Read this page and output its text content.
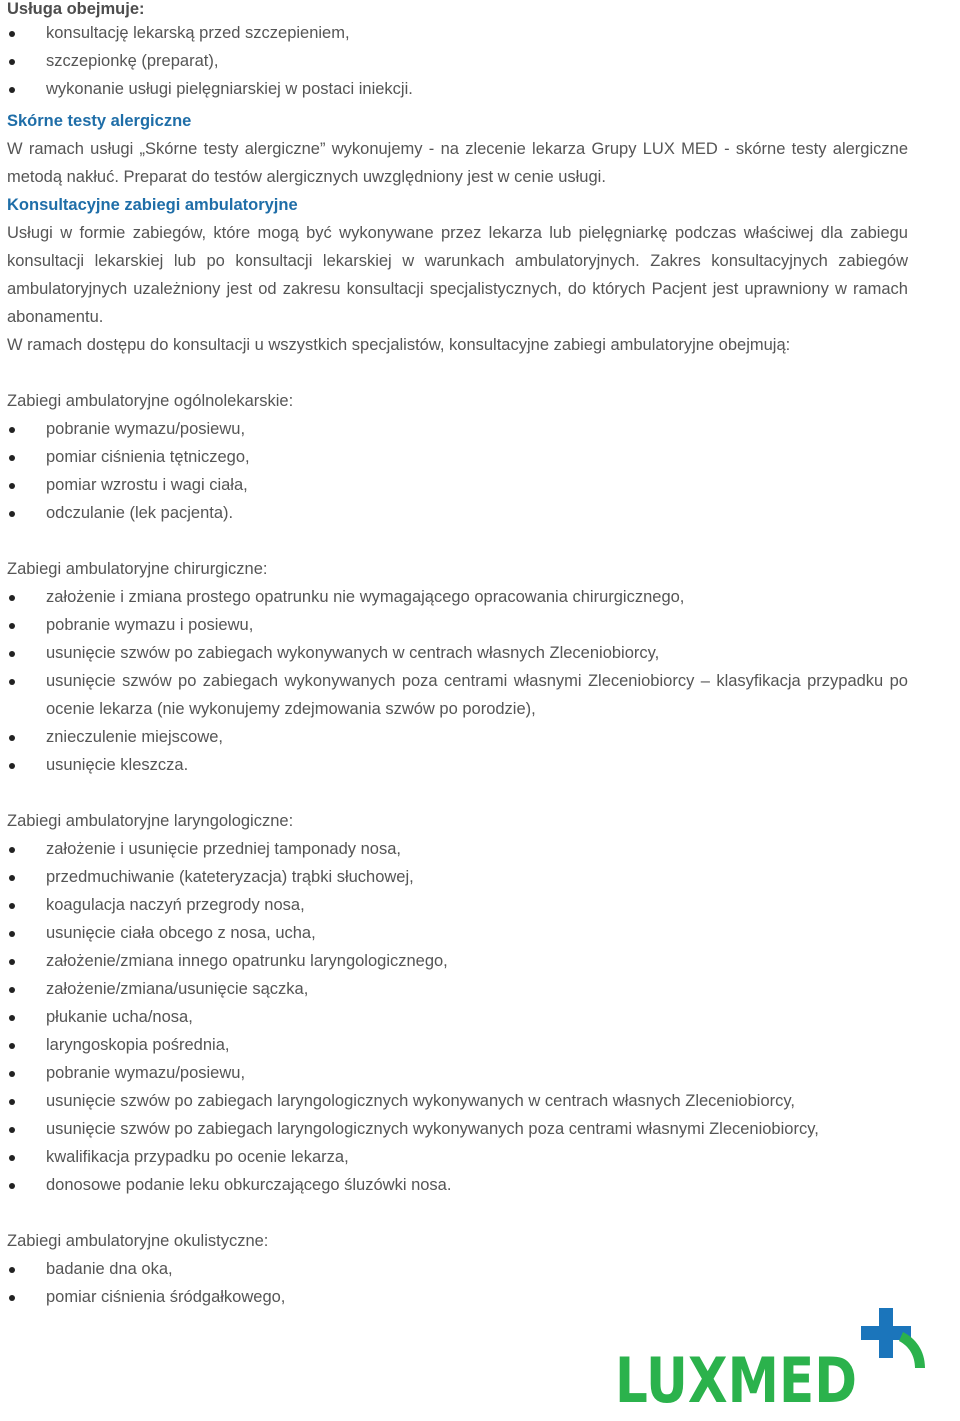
Usługa obejmuje:
konsultację lekarską przed szczepieniem,
szczepionkę (preparat),
wykonanie usługi pielęgniarskiej w postaci iniekcji.
Skórne testy alergiczne

W ramach usługi „Skórne testy alergiczne” wykonujemy - na zlecenie lekarza Grupy LUX MED - skórne testy alergiczne metodą nakłuć. Preparat do testów alergicznych uwzględniony jest w cenie usługi.

Konsultacyjne zabiegi ambulatoryjne

Usługi w formie zabiegów, które mogą być wykonywane przez lekarza lub pielęgniarkę podczas właściwej dla zabiegu konsultacji lekarskiej lub po konsultacji lekarskiej w warunkach ambulatoryjnych. Zakres konsultacyjnych zabiegów ambulatoryjnych uzależniony jest od zakresu konsultacji specjalistycznych, do których Pacjent jest uprawniony w ramach abonamentu.

W ramach dostępu do konsultacji u wszystkich specjalistów, konsultacyjne zabiegi ambulatoryjne obejmują:

Zabiegi ambulatoryjne ogólnolekarskie:
pobranie wymazu/posiewu,
pomiar ciśnienia tętniczego,
pomiar wzrostu i wagi ciała,
odczulanie (lek pacjenta).
Zabiegi ambulatoryjne chirurgiczne:
założenie i zmiana prostego opatrunku nie wymagającego opracowania chirurgicznego,
pobranie wymazu i posiewu,
usunięcie szwów po zabiegach wykonywanych w centrach własnych Zleceniobiorcy,
usunięcie szwów po zabiegach wykonywanych poza centrami własnymi Zleceniobiorcy – klasyfikacja przypadku po ocenie lekarza (nie wykonujemy zdejmowania szwów po porodzie),
znieczulenie miejscowe,
usunięcie kleszcza.
Zabiegi ambulatoryjne laryngologiczne:
założenie i usunięcie przedniej tamponady nosa,
przedmuchiwanie (kateteryzacja) trąbki słuchowej,
koagulacja naczyń przegrody nosa,
usunięcie ciała obcego z nosa, ucha,
założenie/zmiana innego opatrunku laryngologicznego,
założenie/zmiana/usunięcie sączka,
płukanie ucha/nosa,
laryngoskopia pośrednia,
pobranie wymazu/posiewu,
usunięcie szwów po zabiegach laryngologicznych wykonywanych w centrach własnych Zleceniobiorcy,
usunięcie szwów po zabiegach laryngologicznych wykonywanych poza centrami własnymi Zleceniobiorcy,
kwalifikacja przypadku po ocenie lekarza,
donosowe podanie leku obkurczającego śluzówki nosa.
Zabiegi ambulatoryjne okulistyczne:
badanie dna oka,
pomiar ciśnienia śródgałkowego,
LUXMED
